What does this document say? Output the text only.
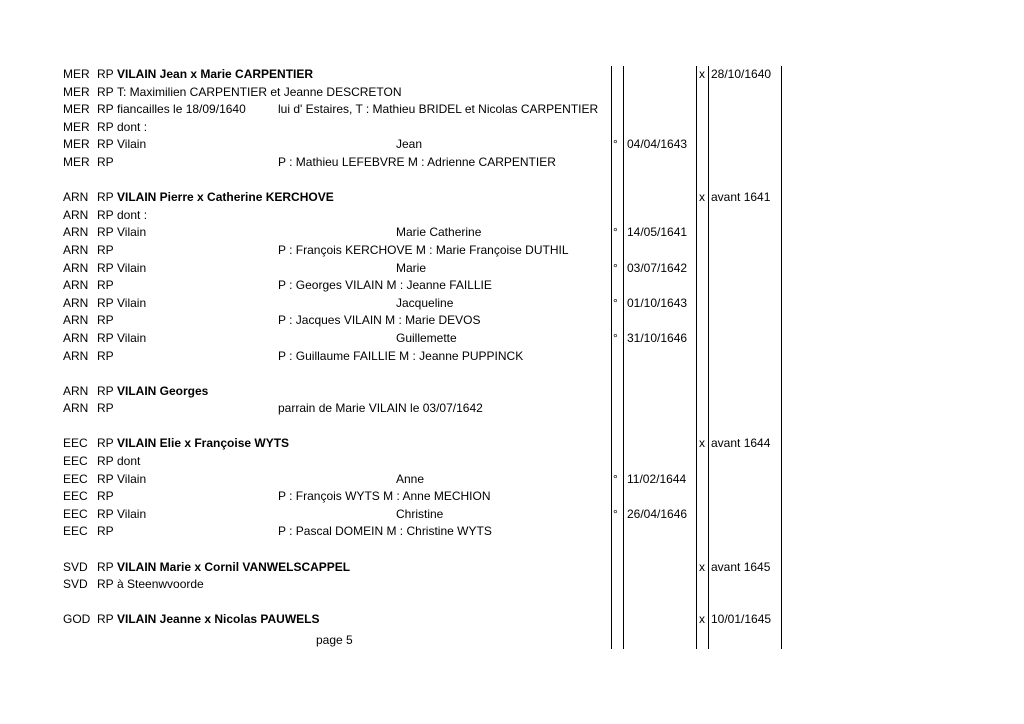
MER RP VILAIN Jean x Marie CARPENTIER	x 28/10/1640
MER RP T: Maximilien CARPENTIER et Jeanne DESCRETON
MER RP fiancailles le 18/09/1640	lui d' Estaires, T : Mathieu BRIDEL et Nicolas CARPENTIER
MER RP dont :
MER RP Vilain	Jean	° 04/04/1643
MER RP	P : Mathieu LEFEBVRE M : Adrienne CARPENTIER
ARN RP VILAIN Pierre x Catherine KERCHOVE	x avant 1641
ARN RP dont :
ARN RP Vilain	Marie Catherine	° 14/05/1641
ARN RP	P : François KERCHOVE M : Marie Françoise DUTHIL
ARN RP Vilain	Marie	° 03/07/1642
ARN RP	P : Georges VILAIN M : Jeanne FAILLIE
ARN RP Vilain	Jacqueline	° 01/10/1643
ARN RP	P : Jacques VILAIN M : Marie DEVOS
ARN RP Vilain	Guillemette	° 31/10/1646
ARN RP	P : Guillaume FAILLIE M : Jeanne PUPPINCK
ARN RP VILAIN Georges
ARN RP	parrain de Marie VILAIN le 03/07/1642
EEC RP VILAIN Elie x Françoise WYTS	x avant 1644
EEC RP dont
EEC RP Vilain	Anne	° 11/02/1644
EEC RP	P : François WYTS M : Anne MECHION
EEC RP Vilain	Christine	° 26/04/1646
EEC RP	P : Pascal DOMEIN M : Christine WYTS
SVD RP VILAIN Marie x Cornil VANWELSCAPPEL	x avant 1645
SVD RP à Steenwvoorde
GOD RP VILAIN Jeanne x Nicolas PAUWELS	x 10/01/1645
page 5
